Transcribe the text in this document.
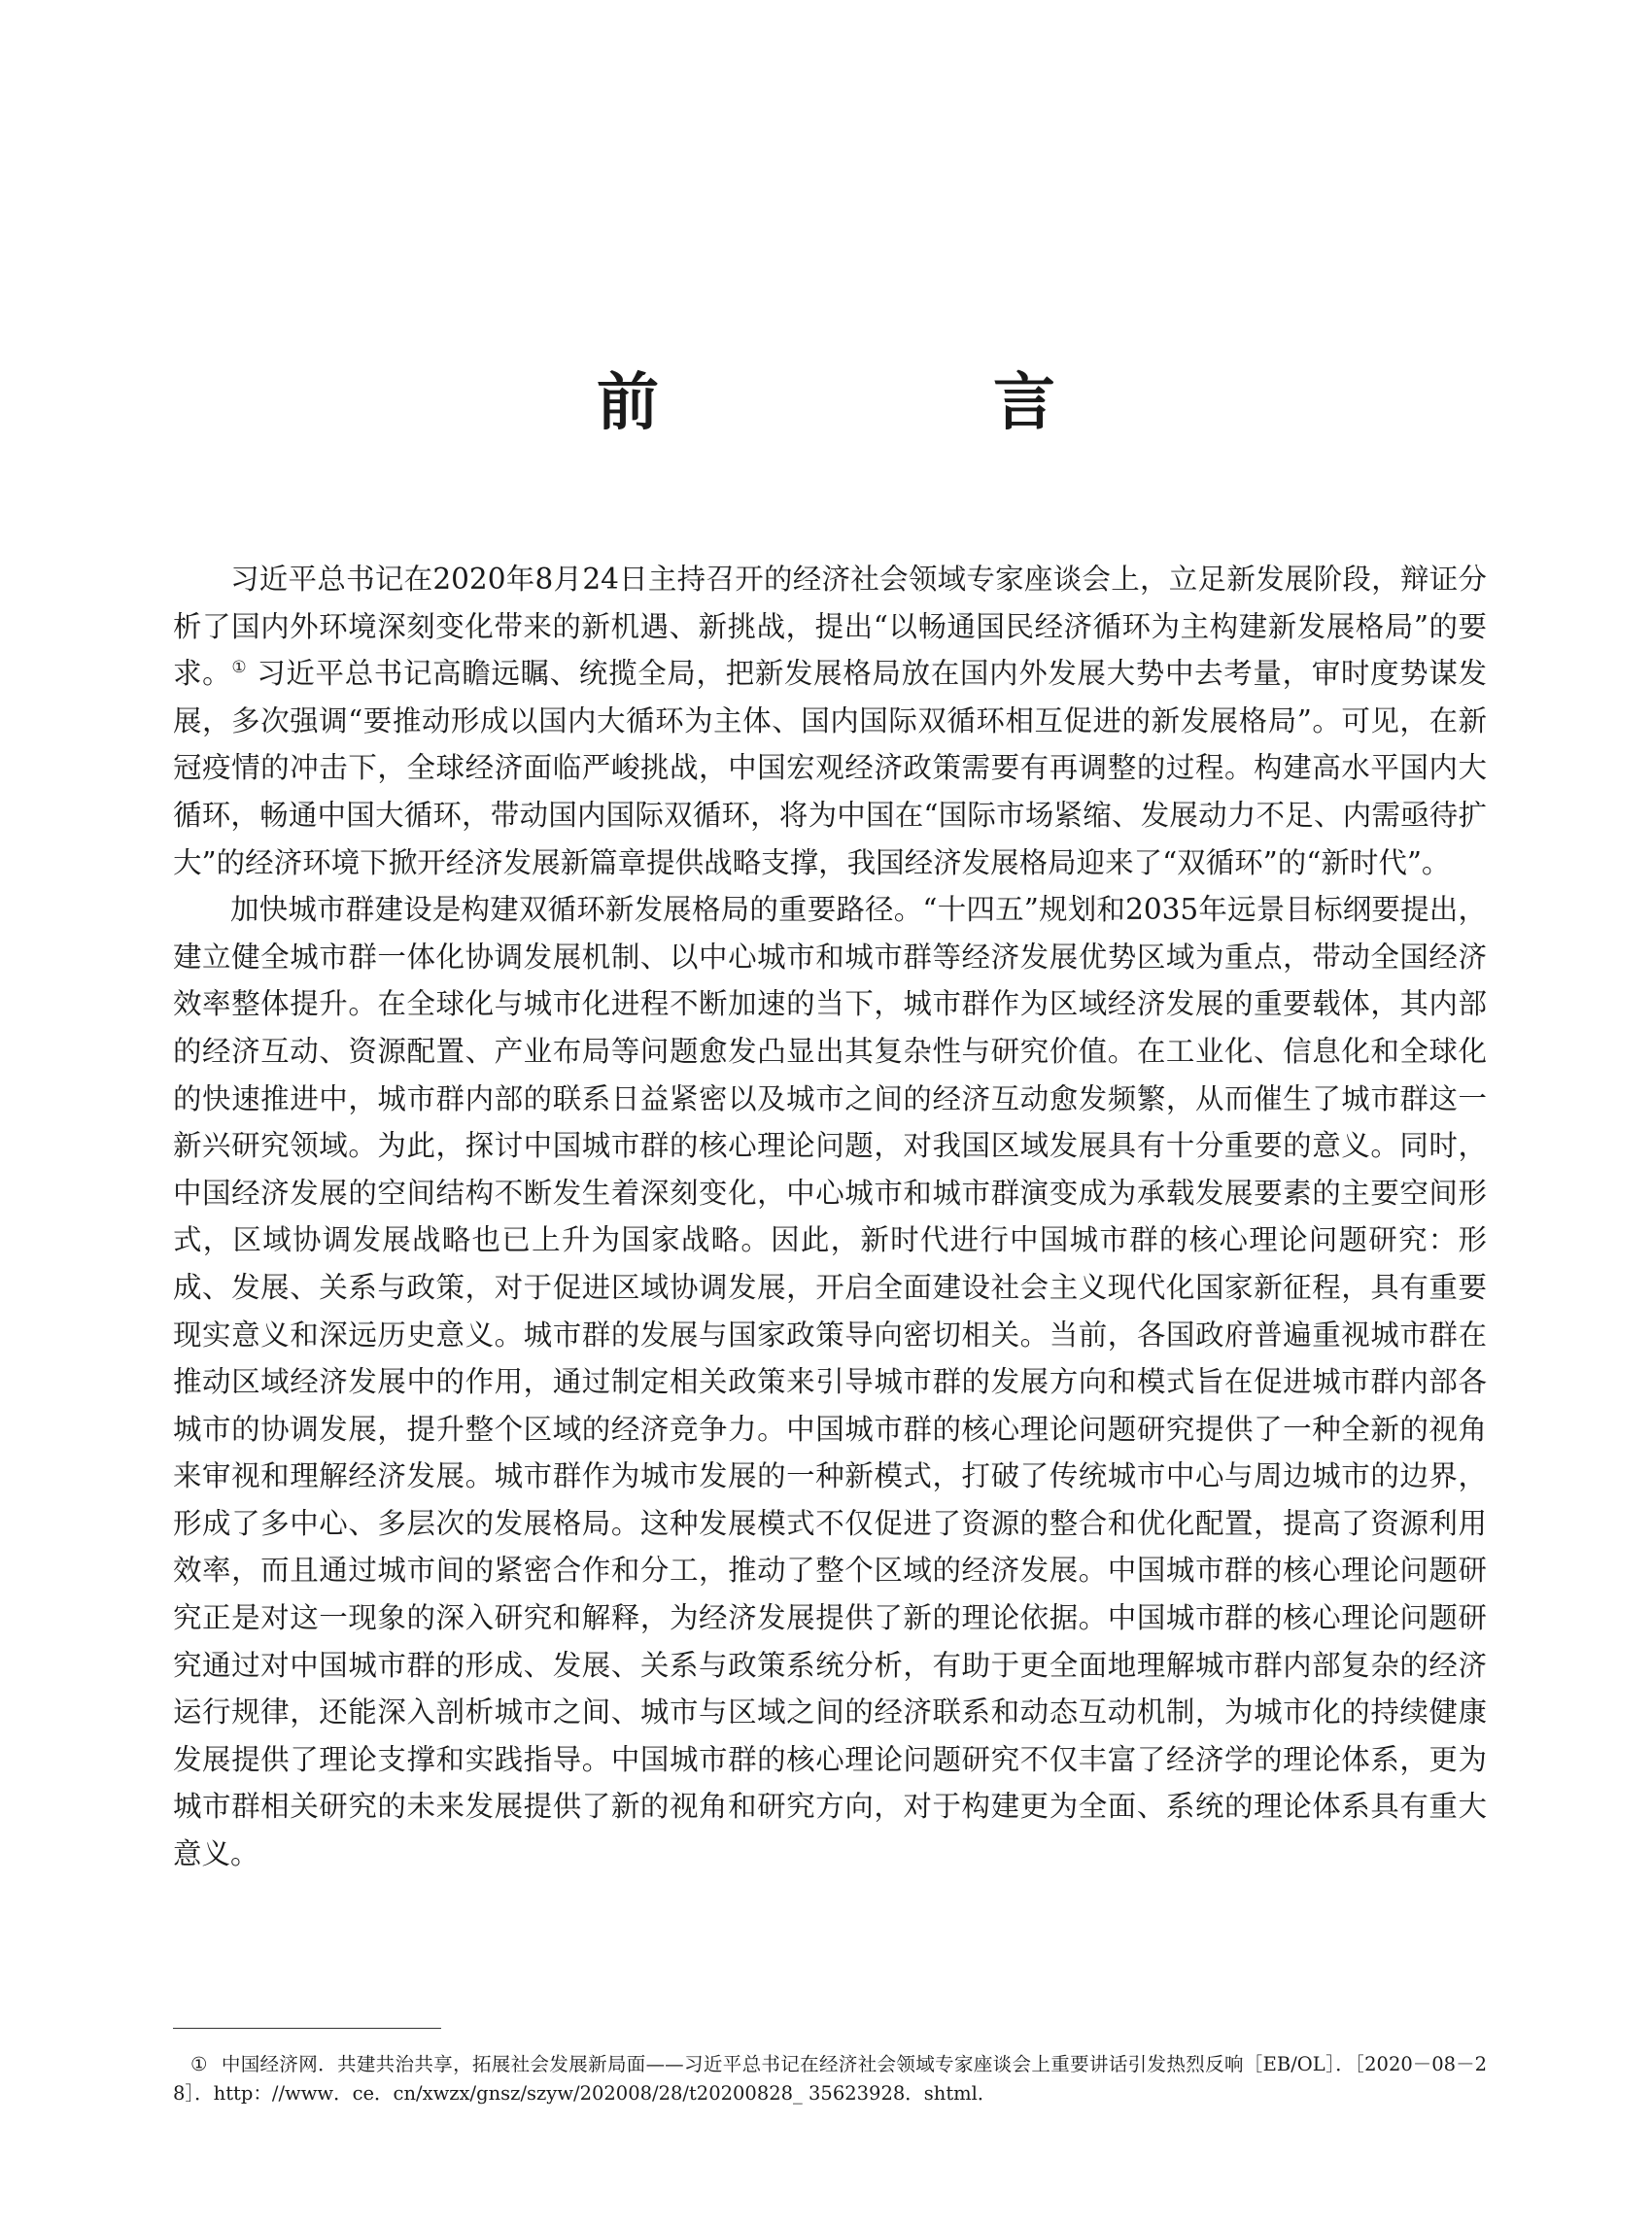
前　言

习近平总书记在2020年8月24日主持召开的经济社会领域专家座谈会上，立足新发展阶段，辩证分析了国内外环境深刻变化带来的新机遇、新挑战，提出“以畅通国民经济循环为主构建新发展格局”的要求。① 习近平总书记高瞻远瞩、统揽全局，把新发展格局放在国内外发展大势中去考量，审时度势谋发展，多次强调“要推动形成以国内大循环为主体、国内国际双循环相互促进的新发展格局”。可见，在新冠疫情的冲击下，全球经济面临严峻挑战，中国宏观经济政策需要有再调整的过程。构建高水平国内大循环，畅通中国大循环，带动国内国际双循环，将为中国在“国际市场紧缩、发展动力不足、内需亟待扩大”的经济环境下掀开经济发展新篇章提供战略支撑，我国经济发展格局迎来了“双循环”的“新时代”。

加快城市群建设是构建双循环新发展格局的重要路径。“十四五”规划和2035年远景目标纲要提出，建立健全城市群一体化协调发展机制、以中心城市和城市群等经济发展优势区域为重点，带动全国经济效率整体提升。在全球化与城市化进程不断加速的当下，城市群作为区域经济发展的重要载体，其内部的经济互动、资源配置、产业布局等问题愈发凸显出其复杂性与研究价值。在工业化、信息化和全球化的快速推进中，城市群内部的联系日益紧密以及城市之间的经济互动愈发频繁，从而催生了城市群这一新兴研究领域。为此，探讨中国城市群的核心理论问题，对我国区域发展具有十分重要的意义。同时，中国经济发展的空间结构不断发生着深刻变化，中心城市和城市群演变成为承载发展要素的主要空间形式，区域协调发展战略也已上升为国家战略。因此，新时代进行中国城市群的核心理论问题研究：形成、发展、关系与政策，对于促进区域协调发展，开启全面建设社会主义现代化国家新征程，具有重要现实意义和深远历史意义。城市群的发展与国家政策导向密切相关。当前，各国政府普遍重视城市群在推动区域经济发展中的作用，通过制定相关政策来引导城市群的发展方向和模式旨在促进城市群内部各城市的协调发展，提升整个区域的经济竞争力。中国城市群的核心理论问题研究提供了一种全新的视角来审视和理解经济发展。城市群作为城市发展的一种新模式，打破了传统城市中心与周边城市的边界，形成了多中心、多层次的发展格局。这种发展模式不仅促进了资源的整合和优化配置，提高了资源利用效率，而且通过城市间的紧密合作和分工，推动了整个区域的经济发展。中国城市群的核心理论问题研究正是对这一现象的深入研究和解释，为经济发展提供了新的理论依据。中国城市群的核心理论问题研究通过对中国城市群的形成、发展、关系与政策系统分析，有助于更全面地理解城市群内部复杂的经济运行规律，还能深入剖析城市之间、城市与区域之间的经济联系和动态互动机制，为城市化的持续健康发展提供了理论支撑和实践指导。中国城市群的核心理论问题研究不仅丰富了经济学的理论体系，更为城市群相关研究的未来发展提供了新的视角和研究方向，对于构建更为全面、系统的理论体系具有重大意义。

① 中国经济网．共建共治共享，拓展社会发展新局面——习近平总书记在经济社会领域专家座谈会上重要讲话引发热烈反响［EB/OL］．［2020－08－28］．http：//www．ce．cn/xwzx/gnsz/szyw/202008/28/t20200828_ 35623928．shtml．
